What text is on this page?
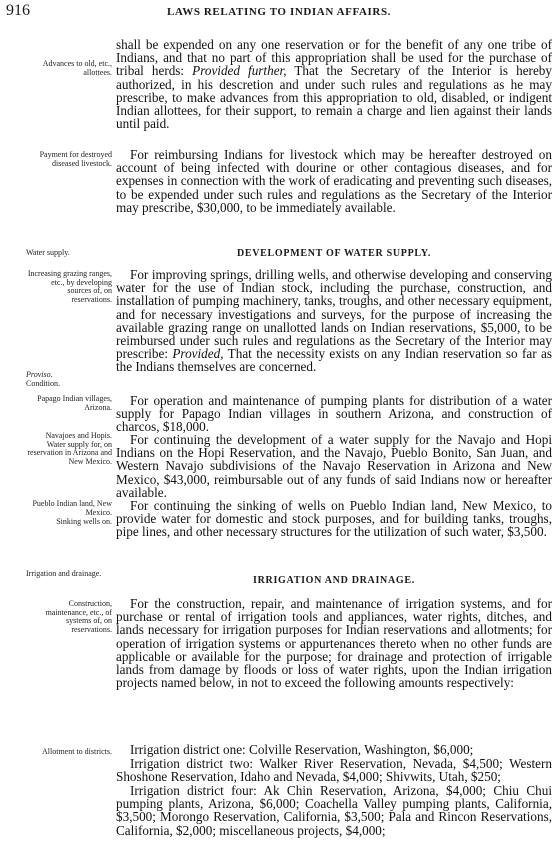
916	LAWS RELATING TO INDIAN AFFAIRS.
Advances to old, etc., allottees.
Payment for destroyed diseased livestock.
Water supply.
Increasing grazing ranges, etc., by developing sources of, on reservations.
Proviso.
Condition.
Papago Indian villages, Arizona.
Navajoes and Hopis. Water supply for, on reservation in Arizona and New Mexico.
Pueblo Indian land, New Mexico.
Sinking wells on.
Irrigation and drainage.
Construction, maintenance, etc., of systems of, on reservations.
Allotment to districts.
shall be expended on any one reservation or for the benefit of any one tribe of Indians, and that no part of this appropriation shall be used for the purchase of tribal herds: Provided further, That the Secretary of the Interior is hereby authorized, in his descretion and under such rules and regulations as he may prescribe, to make advances from this appropriation to old, disabled, or indigent Indian allottees, for their support, to remain a charge and lien against their lands until paid.
For reimbursing Indians for livestock which may be hereafter destroyed on account of being infected with dourine or other contagious diseases, and for expenses in connection with the work of eradicating and preventing such diseases, to be expended under such rules and regulations as the Secretary of the Interior may prescribe, $30,000, to be immediately available.
DEVELOPMENT OF WATER SUPPLY.
For improving springs, drilling wells, and otherwise developing and conserving water for the use of Indian stock, including the purchase, construction, and installation of pumping machinery, tanks, troughs, and other necessary equipment, and for necessary investigations and surveys, for the purpose of increasing the available grazing range on unallotted lands on Indian reservations, $5,000, to be reimbursed under such rules and regulations as the Secretary of the Interior may prescribe: Provided, That the necessity exists on any Indian reservation so far as the Indians themselves are concerned.
For operation and maintenance of pumping plants for distribution of a water supply for Papago Indian villages in southern Arizona, and construction of charcos, $18,000.
For continuing the development of a water supply for the Navajo and Hopi Indians on the Hopi Reservation, and the Navajo, Pueblo Bonito, San Juan, and Western Navajo subdivisions of the Navajo Reservation in Arizona and New Mexico, $43,000, reimbursable out of any funds of said Indians now or hereafter available.
For continuing the sinking of wells on Pueblo Indian land, New Mexico, to provide water for domestic and stock purposes, and for building tanks, troughs, pipe lines, and other necessary structures for the utilization of such water, $3,500.
IRRIGATION AND DRAINAGE.
For the construction, repair, and maintenance of irrigation systems, and for purchase or rental of irrigation tools and appliances, water rights, ditches, and lands necessary for irrigation purposes for Indian reservations and allotments; for operation of irrigation systems or appurtenances thereto when no other funds are applicable or available for the purpose; for drainage and protection of irrigable lands from damage by floods or loss of water rights, upon the Indian irrigation projects named below, in not to exceed the following amounts respectively:
Irrigation district one: Colville Reservation, Washington, $6,000;
Irrigation district two: Walker River Reservation, Nevada, $4,500; Western Shoshone Reservation, Idaho and Nevada, $4,000; Shivwits, Utah, $250;
Irrigation district four: Ak Chin Reservation, Arizona, $4,000; Chiu Chui pumping plants, Arizona, $6,000; Coachella Valley pumping plants, California, $3,500; Morongo Reservation, California, $3,500; Pala and Rincon Reservations, California, $2,000; miscellaneous projects, $4,000;
